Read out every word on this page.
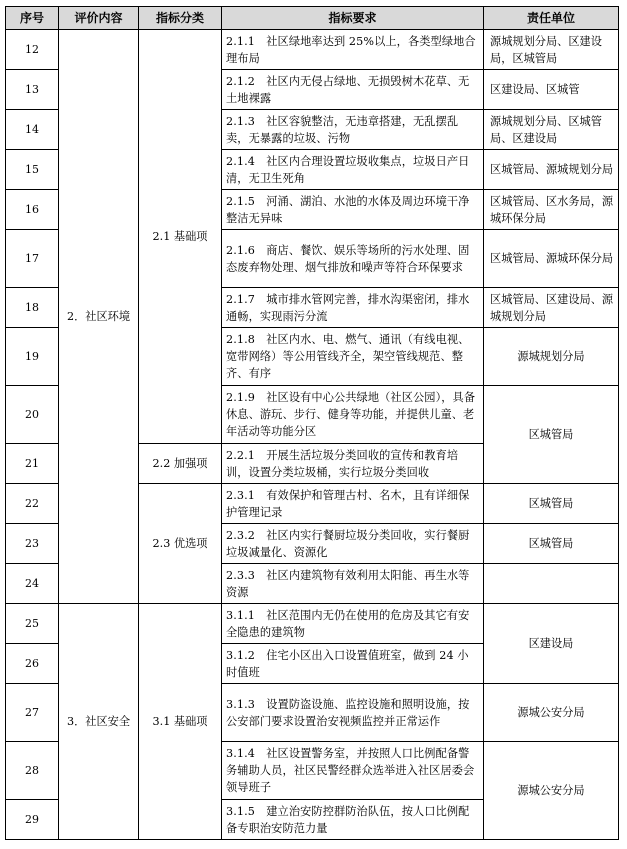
序号	评价内容	指标分类	指标要求	责任单位
12	2．社区环境	2.1 基础项	2.1.1　社区绿地率达到 25%以上，各类型绿地合理布局	源城规划分局、区建设局，区城管局
13			2.1.2　社区内无侵占绿地、无损毁树木花草、无土地裸露	区建设局、区城管
14			2.1.3　社区容貌整洁，无违章搭建，无乱摆乱卖，无暴露的垃圾、污物	源城规划分局、区城管局、区建设局
15			2.1.4　社区内合理设置垃圾收集点，垃圾日产日清，无卫生死角	区城管局、源城规划分局
16			2.1.5　河涌、湖泊、水池的水体及周边环境干净整洁无异味	区城管局、区水务局，源城环保分局
17			2.1.6　商店、餐饮、娱乐等场所的污水处理、固态废弃物处理、烟气排放和噪声等符合环保要求	区城管局、源城环保分局
18			2.1.7　城市排水管网完善，排水沟渠密闭，排水通畅，实现雨污分流	区城管局、区建设局、源城规划分局
19			2.1.8　社区内水、电、燃气、通讯（有线电视、宽带网络）等公用管线齐全，架空管线规范、整齐、有序	源城规划分局
20			2.1.9　社区设有中心公共绿地（社区公园），具备休息、游玩、步行、健身等功能，并提供儿童、老年活动等功能分区	区城管局
21		2.2 加强项	2.2.1　开展生活垃圾分类回收的宣传和教育培训，设置分类垃圾桶，实行垃圾分类回收	
22		2.3 优选项	2.3.1　有效保护和管理古村、名木，且有详细保护管理记录	区城管局
23			2.3.2　社区内实行餐厨垃圾分类回收，实行餐厨垃圾减量化、资源化	区城管局
24			2.3.3　社区内建筑物有效利用太阳能、再生水等资源	
25	3．社区安全	3.1 基础项	3.1.1　社区范围内无仍在使用的危房及其它有安全隐患的建筑物	区建设局
26			3.1.2　住宅小区出入口设置值班室，做到 24 小时值班	
27			3.1.3　设置防盗设施、监控设施和照明设施，按公安部门要求设置治安视频监控并正常运作	源城公安分局
28			3.1.4　社区设置警务室，并按照人口比例配备警务辅助人员，社区民警经群众选举进入社区居委会领导班子	源城公安分局
29			3.1.5　建立治安防控群防治队伍，按人口比例配备专职治安防范力量	
